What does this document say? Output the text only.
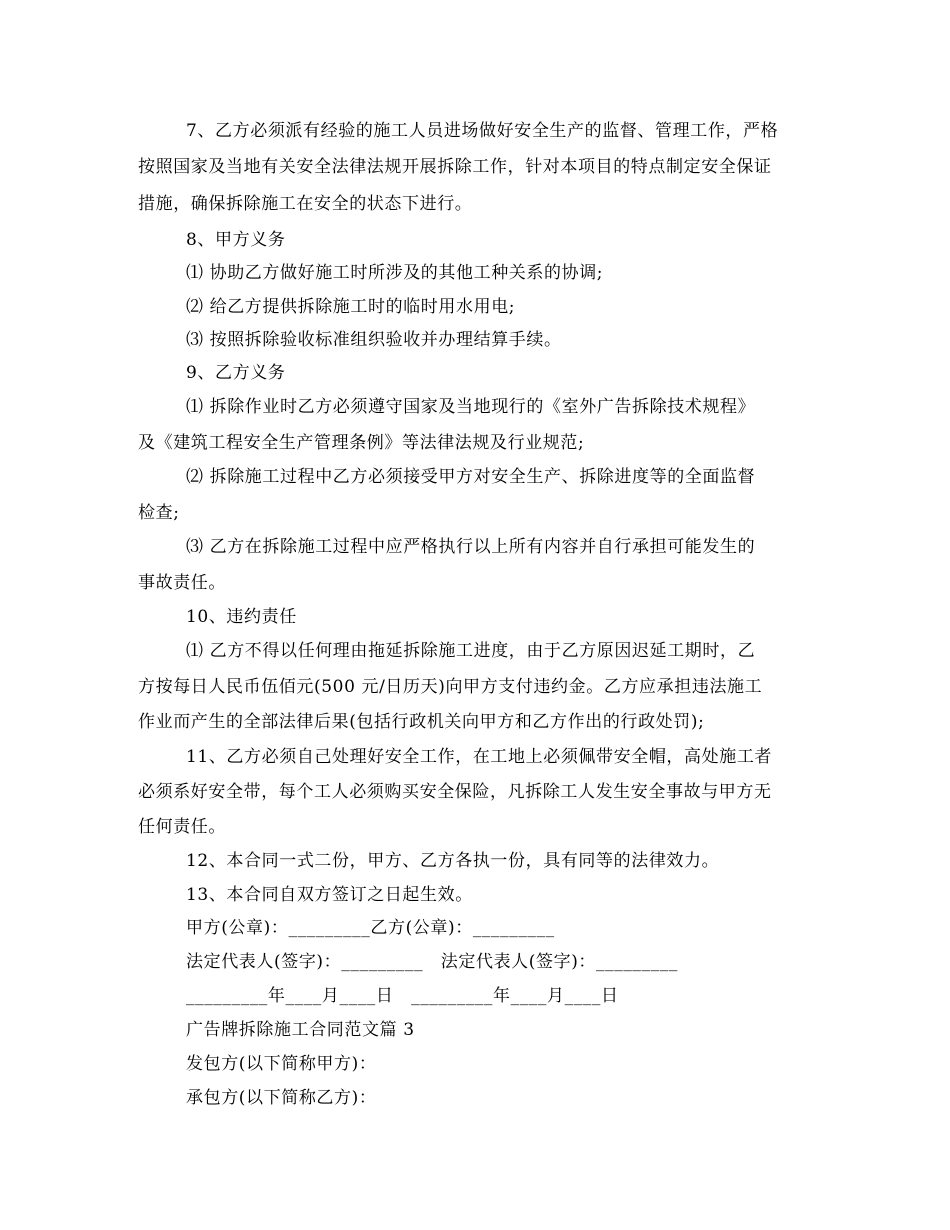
7、乙方必须派有经验的施工人员进场做好安全生产的监督、管理工作，严格
按照国家及当地有关安全法律法规开展拆除工作，针对本项目的特点制定安全保证
措施，确保拆除施工在安全的状态下进行。
8、甲方义务
⑴ 协助乙方做好施工时所涉及的其他工种关系的协调;
⑵ 给乙方提供拆除施工时的临时用水用电;
⑶ 按照拆除验收标准组织验收并办理结算手续。
9、乙方义务
⑴ 拆除作业时乙方必须遵守国家及当地现行的《室外广告拆除技术规程》
及《建筑工程安全生产管理条例》等法律法规及行业规范;
⑵ 拆除施工过程中乙方必须接受甲方对安全生产、拆除进度等的全面监督
检查;
⑶ 乙方在拆除施工过程中应严格执行以上所有内容并自行承担可能发生的
事故责任。
10、违约责任
⑴ 乙方不得以任何理由拖延拆除施工进度，由于乙方原因迟延工期时，乙
方按每日人民币伍佰元(500 元/日历天)向甲方支付违约金。乙方应承担违法施工
作业而产生的全部法律后果(包括行政机关向甲方和乙方作出的行政处罚);
11、乙方必须自己处理好安全工作，在工地上必须佩带安全帽，高处施工者
必须系好安全带，每个工人必须购买安全保险，凡拆除工人发生安全事故与甲方无
任何责任。
12、本合同一式二份，甲方、乙方各执一份，具有同等的法律效力。
13、本合同自双方签订之日起生效。
甲方(公章)：_________乙方(公章)：_________
法定代表人(签字)：_________　法定代表人(签字)：_________
_________年____月____日　_________年____月____日
广告牌拆除施工合同范文篇 3
发包方(以下简称甲方)：
承包方(以下简称乙方)：
